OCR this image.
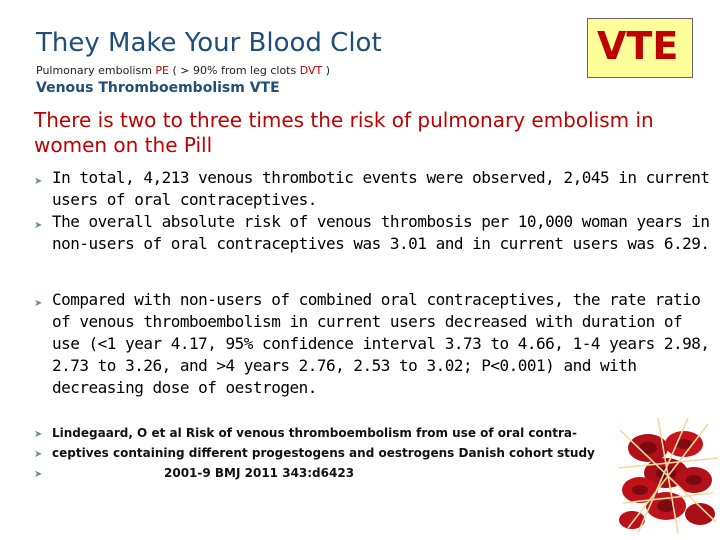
They Make Your Blood Clot
Pulmonary embolism PE ( > 90% from leg clots DVT )
VTE
Venous Thromboembolism VTE
There is two to three times the risk of pulmonary embolism in women on the Pill
➤ In total, 4,213 venous thrombotic events were observed, 2,045 in current users of oral contraceptives.
➤ The overall absolute risk of venous thrombosis per 10,000 woman years in non-users of oral contraceptives was 3.01 and in current users was 6.29.
➤ Compared with non-users of combined oral contraceptives, the rate ratio of venous thromboembolism in current users decreased with duration of use (<1 year 4.17, 95% confidence interval 3.73 to 4.66, 1-4 years 2.98, 2.73 to 3.26, and >4 years 2.76, 2.53 to 3.02; P<0.001) and with decreasing dose of oestrogen.
➤
➤
➤
Lindegaard, O et al Risk of venous thromboembolism from use of oral contra-
ceptives containing different progestogens and oestrogens Danish cohort study
2001-9 BMJ 2011 343:d6423
